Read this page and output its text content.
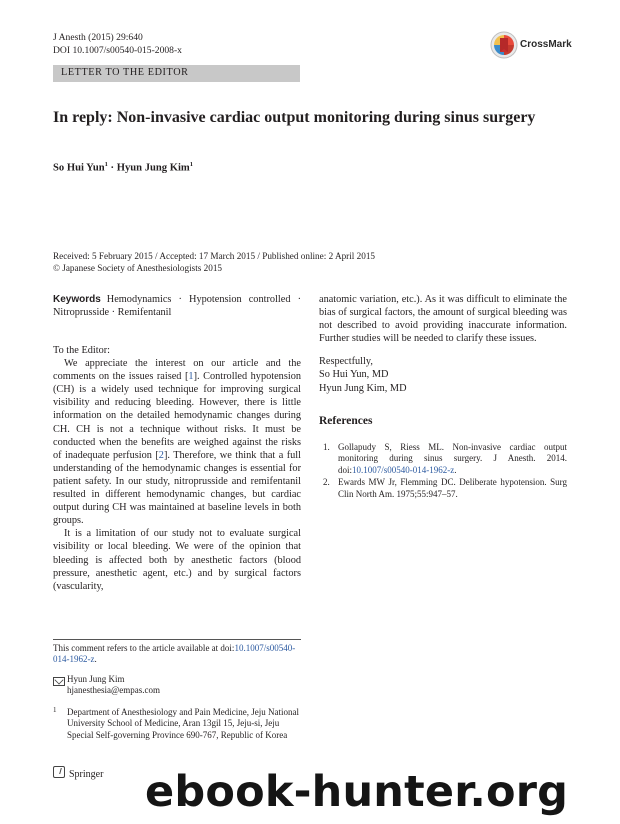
J Anesth (2015) 29:640
DOI 10.1007/s00540-015-2008-x
CrossMark
LETTER TO THE EDITOR
In reply: Non-invasive cardiac output monitoring during sinus surgery
So Hui Yun$^1$ · Hyun Jung Kim$^1$
Received: 5 February 2015 / Accepted: 17 March 2015 / Published online: 2 April 2015
© Japanese Society of Anesthesiologists 2015
Keywords Hemodynamics · Hypotension controlled · Nitroprusside · Remifentanil

To the Editor:

We appreciate the interest on our article and the comments on the issues raised [1]. Controlled hypotension (CH) is a widely used technique for improving surgical visibility and reducing bleeding. However, there is little information on the detailed hemodynamic changes during CH. CH is not a technique without risks. It must be conducted when the benefits are weighed against the risks of inadequate perfusion [2]. Therefore, we think that a full understanding of the hemodynamic changes is essential for patient safety. In our study, nitroprusside and remifentanil resulted in different hemodynamic changes, but cardiac output during CH was maintained at baseline levels in both groups.

It is a limitation of our study not to evaluate surgical visibility or local bleeding. We were of the opinion that bleeding is affected both by anesthetic factors (blood pressure, anesthetic agent, etc.) and by surgical factors (vascularity,

anatomic variation, etc.). As it was difficult to eliminate the bias of surgical factors, the amount of surgical bleeding was not described to avoid providing inaccurate information. Further studies will be needed to clarify these issues.

Respectfully,

So Hui Yun, MD

Hyun Jung Kim, MD

References
1. Gollapudy S, Riess ML. Non-invasive cardiac output monitoring during sinus surgery. J Anesth. 2014. doi:10.1007/s00540-014-1962-z.
2. Ewards MW Jr, Flemming DC. Deliberate hypotension. Surg Clin North Am. 1975;55:947–57.
This comment refers to the article available at doi:10.1007/s00540-014-1962-z.
Hyun Jung Kim
hjanesthesia@empas.com
1	Department of Anesthesiology and Pain Medicine, Jeju National University School of Medicine, Aran 13gil 15, Jeju-si, Jeju Special Self-governing Province 690-767, Republic of Korea
Springer ebook-hunter.org
